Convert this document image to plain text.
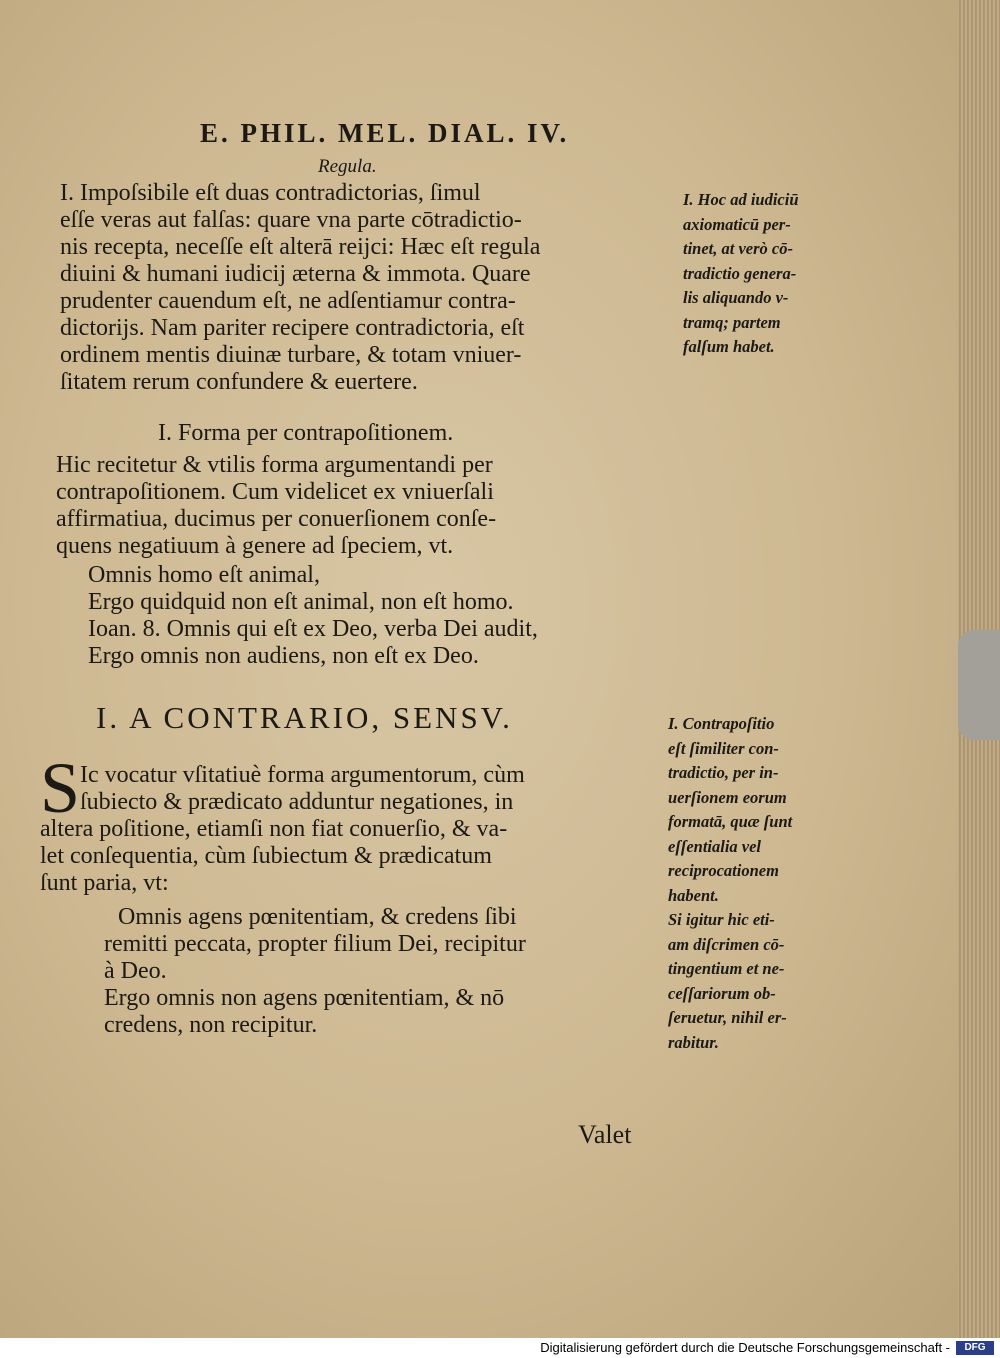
E. PHIL. MEL. DIAL. IV.
Regula.
I. Impoſsibile eſt duas contradictorias, ſimul
eſſe veras aut falſas: quare vna parte cōtradictio-
nis recepta, neceſſe eſt alterā reijci: Hæc eſt regula
diuini & humani iudicij æterna & immota. Quare
prudenter cauendum eſt, ne adſentiamur contra-
dictorijs. Nam pariter recipere contradictoria, eſt
ordinem mentis diuinæ turbare, & totam vniuer-
ſitatem rerum confundere & euertere.
I. Hoc ad iudiciū
axiomaticū per-
tinet, at verò cō-
tradictio genera-
lis aliquando v-
tramq; partem
falſum habet.
I. Forma per contrapoſitionem.
Hic recitetur & vtilis forma argumentandi per
contrapoſitionem. Cum videlicet ex vniuerſali
affirmatiua, ducimus per conuerſionem conſe-
quens negatiuum à genere ad ſpeciem, vt.
Omnis homo eſt animal,
Ergo quidquid non eſt animal, non eſt homo.
Ioan. 8. Omnis qui eſt ex Deo, verba Dei audit,
Ergo omnis non audiens, non eſt ex Deo.
I. A CONTRARIO, SENSV.	I. Contrapoſitio
eſt ſimiliter con-
tradictio, per in-
uerſionem eorum
formatā, quæ ſunt
eſſentialia vel
reciprocationem
habent.
Si igitur hic eti-
am diſcrimen cō-
tingentium et ne-
ceſſariorum ob-
ſeruetur, nihil er-
rabitur.
S Ic vocatur vſitatiuè forma argumentorum, cùm
ſubiecto & prædicato adduntur negationes, in
altera poſitione, etiamſi non fiat conuerſio, & va-
let conſequentia, cùm ſubiectum & prædicatum
ſunt paria, vt:
Omnis agens pœnitentiam, & credens ſibi
remitti peccata, propter filium Dei, recipitur
à Deo.
Ergo omnis non agens pœnitentiam, & nō
credens, non recipitur.
Valet
Digitalisierung gefördert durch die Deutsche Forschungsgemeinschaft -	DFG
